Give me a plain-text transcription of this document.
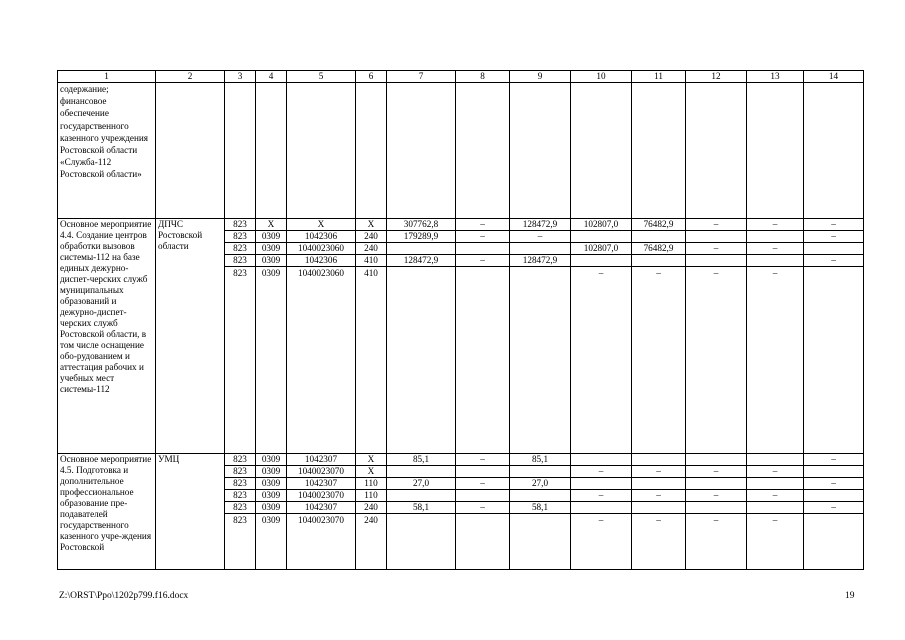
1	2	3	4	5	6	7	8	9	10	11	12	13	14
содержание; финансовое обеспечение государственного казенного учреждения Ростовской области «Служба-112 Ростовской области»													
Основное мероприятие 4.4. Создание центров обработки вызовов системы-112 на базе единых дежурно-диспет-черских служб муниципальных образований и дежурно-диспет-черских служб Ростовской области, в том числе оснащение обо-рудованием и аттестация рабочих и учебных мест системы-112	ДПЧС Ростовской области	823	Х	Х	Х	307762,8	–	128472,9	102807,0	76482,9	–	–	–
		823	0309	1042306	240	179289,9	–	–					–
		823	0309	1040023060	240				102807,0	76482,9	–	–	
		823	0309	1042306	410	128472,9	–	128472,9					–
		823	0309	1040023060	410				–	–	–	–	
Основное мероприятие 4.5. Подготовка и дополнительное профессиональное образование пре-подавателей государственного казенного учре-ждения Ростовской	УМЦ	823	0309	1042307	Х	85,1	–	85,1					–
		823	0309	1040023070	Х				–	–	–	–	
		823	0309	1042307	110	27,0	–	27,0					–
		823	0309	1040023070	110				–	–	–	–	
		823	0309	1042307	240	58,1	–	58,1					–
		823	0309	1040023070	240				–	–	–	–	
Z:\ORST\Ppo\1202p799.f16.docx	19
